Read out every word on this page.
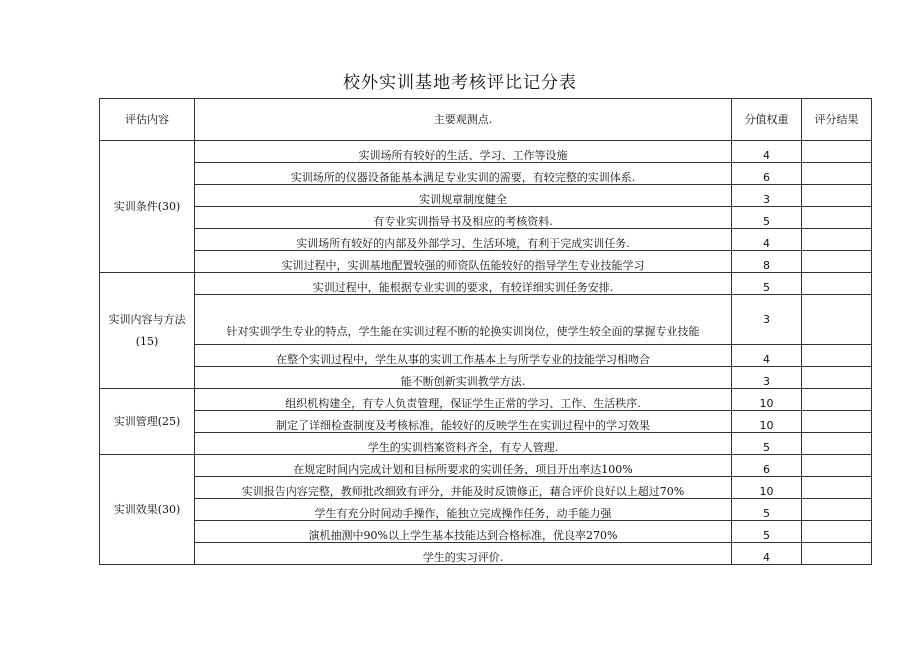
校外实训基地考核评比记分表
评估内容	主要观测点.	分值权重	评分结果
实训条件(30)	实训场所有较好的生活、学习、工作等设施	4	
	实训场所的仪器设备能基本满足专业实训的需要，有较完整的实训体系.	6	
	实训规章制度健全	3	
	有专业实训指导书及相应的考核资料.	5	
	实训场所有较好的内部及外部学习、生活环境，有利于完成实训任务.	4	
	实训过程中，实训基地配置较强的师资队伍能较好的指导学生专业技能学习	8	
实训内容与方法(15)	实训过程中，能根据专业实训的要求，有较详细实训任务安排.	5	
	针对实训学生专业的特点，学生能在实训过程不断的轮换实训岗位，使学生较全面的掌握专业技能	3	
	在整个实训过程中，学生从事的实训工作基本上与所学专业的技能学习相吻合	4	
	能不断创新实训教学方法.	3	
实训管理(25)	组织机构建全，有专人负责管理，保证学生正常的学习、工作、生活秩序.	10	
	制定了详细检查制度及考核标准，能较好的反映学生在实训过程中的学习效果	10	
	学生的实训档案资料齐全，有专人管理.	5	
实训效果(30)	在规定时间内完成计划和目标所要求的实训任务，项目开出率达100%	6	
	实训报告内容完整，教师批改细致有评分，并能及时反馈修正，藉合评价良好以上超过70%	10	
	学生有充分时间动手操作，能独立完成操作任务，动手能力强	5	
	演机抽测中90%以上学生基本技能达到合格标准，优良率270%	5	
	学生的实习评价.	4	
